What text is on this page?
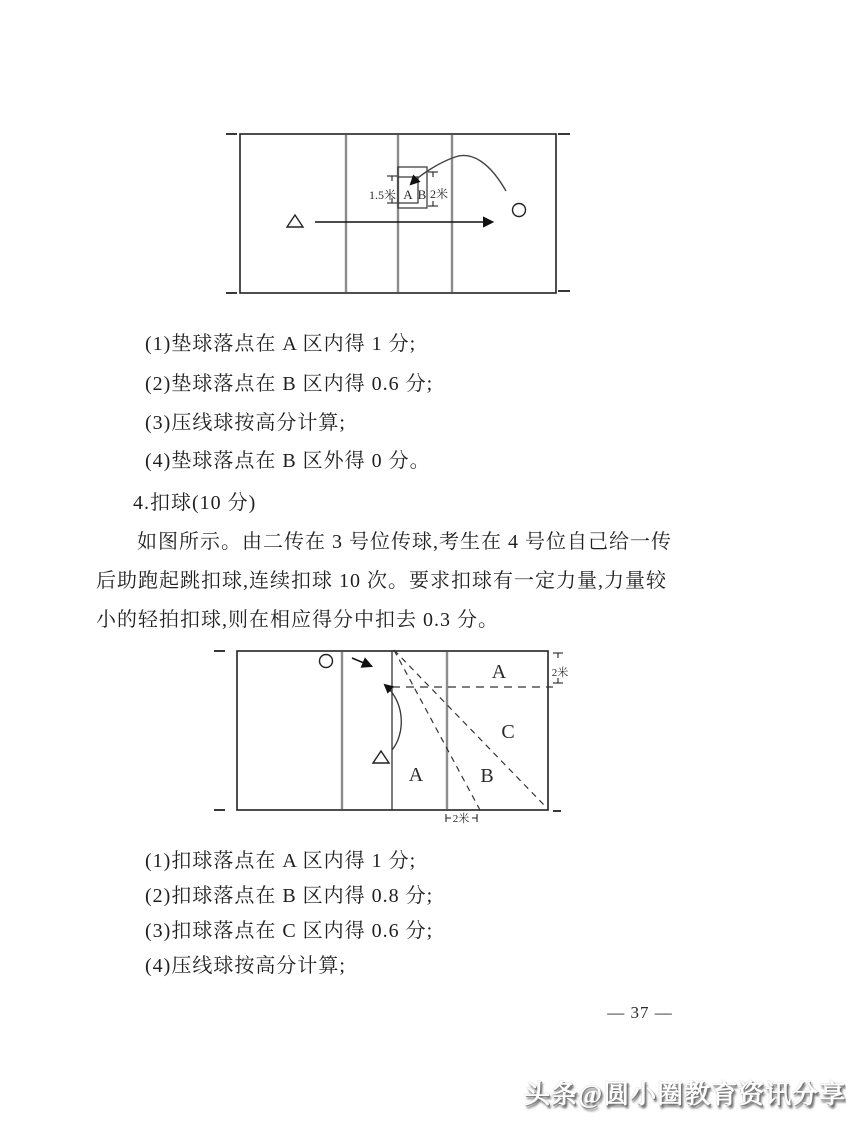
1.5米	2米
A B
(1)垫球落点在 A 区内得 1 分;
(2)垫球落点在 B 区内得 0.6 分;
(3)压线球按高分计算;
(4)垫球落点在 B 区外得 0 分。
4.扣球(10 分)
如图所示。由二传在 3 号位传球,考生在 4 号位自己给一传
后助跑起跳扣球,连续扣球 10 次。要求扣球有一定力量,力量较
小的轻拍扣球,则在相应得分中扣去 0.3 分。
A
C
B
A
2米
2米
(1)扣球落点在 A 区内得 1 分;
(2)扣球落点在 B 区内得 0.8 分;
(3)扣球落点在 C 区内得 0.6 分;
(4)压线球按高分计算;
— 37 —
头条@圆小圈教育资讯分享
